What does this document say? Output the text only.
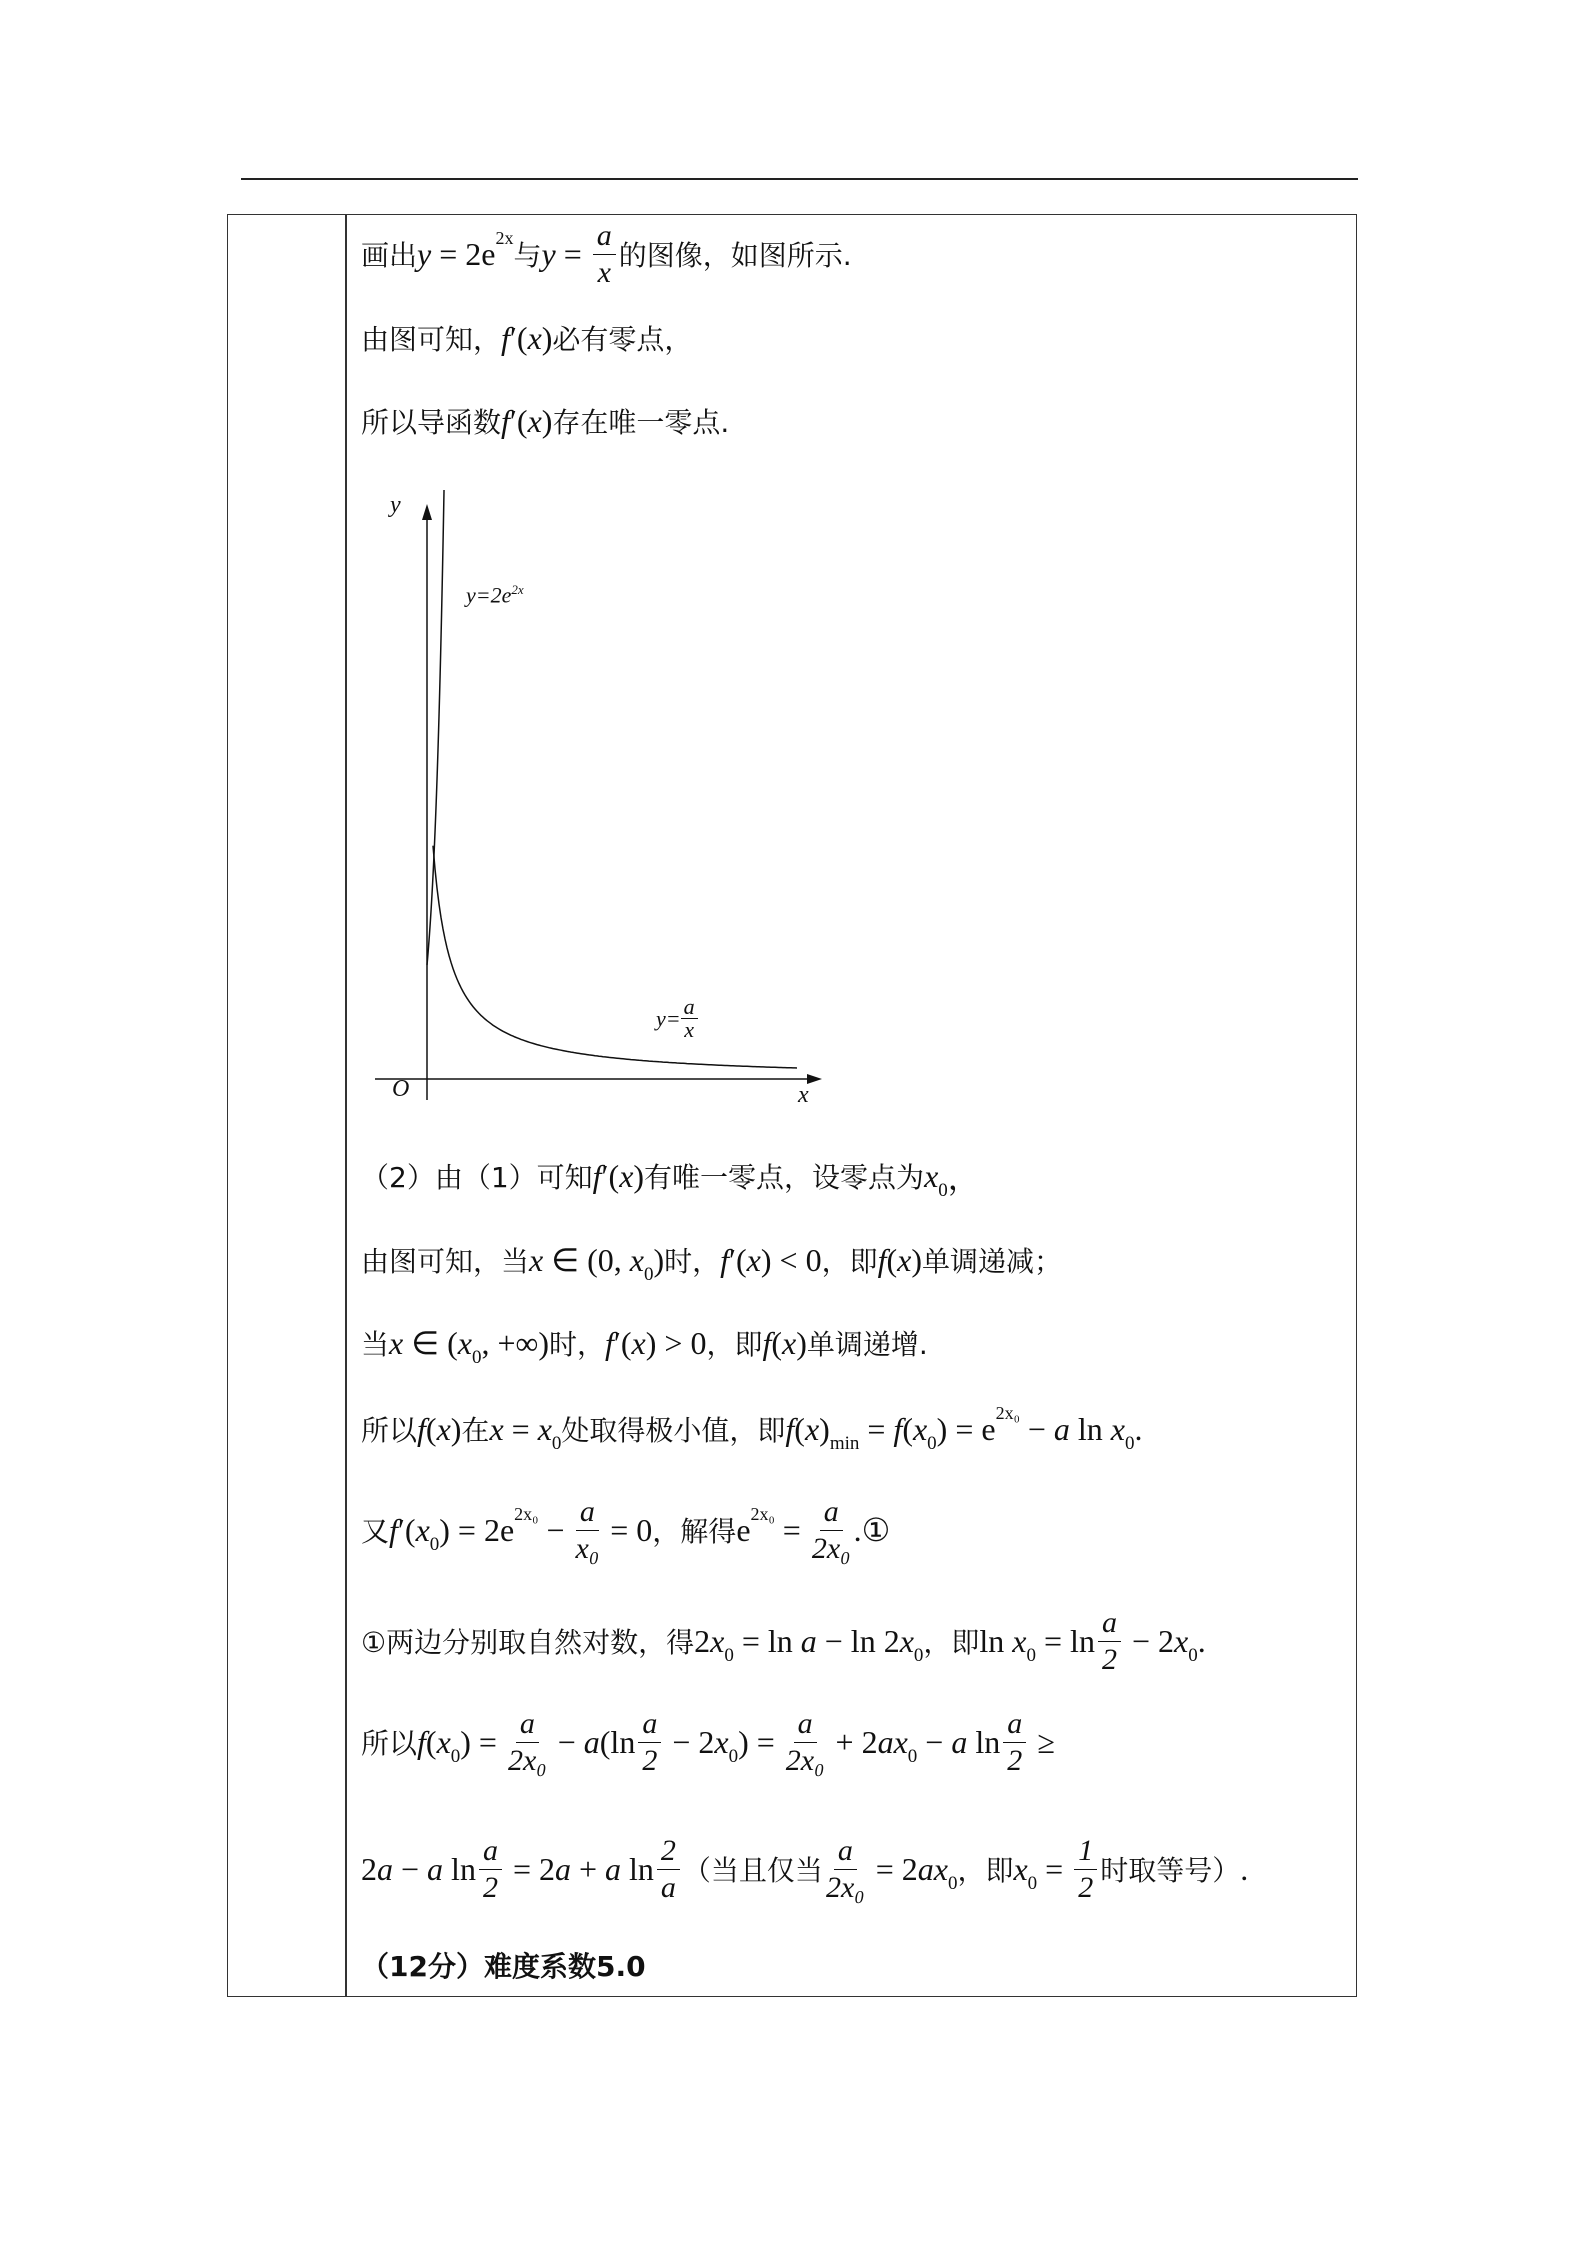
画出 y = 2e 2x
与 $y = \frac{a}{x}$ 的图像，如图所示.
由图可知， f ′( x ) 必有零点，
所以导函数 f ′( x ) 存在唯一零点.
（2）由（1）可知 f ′( x ) 有唯一零点，设零点为 x 0 ，
由图可知，当 x ∈ (0, x 0 ) 时， f ′( x ) < 0 ，即 f ( x ) 单调递减；
当 x ∈ ( x 0 , +∞) 时， f ′( x ) > 0 ，即 f ( x ) 单调递增.
所以 f ( x ) 在 x = x 0 处取得极小值，即 f ( x ) min = f ( x 0 ) = e 2x₀ − a ln x 0 .
又 f ′( x 0 ) = 2e $2x_0 - \frac{a}{\text{x₀}} = 0$ ，解得 e $2x_0 = \frac{a}{\text{2x₀}}$ .①
①两边分别取自然对数，得 2 x 0 = ln a − ln 2 x 0 ，即 ln x $0 = \ln \frac{a}{2} - 2$ x 0 .
所以 f ( x 0 ) = $\frac{a}{\text{2x₀}} - a$ ($\ln \frac{a}{2} - 2$ x 0 ) = $\frac{a}{\text{2x₀}} + 2$ ax 0 − a $\ln \frac{a}{2}$ ≥
2 a − a $\ln \frac{a}{2} = 2$ a + a $\ln \frac{2}{a}$ （当且仅当 $\frac{a}{\text{2x₀}} = 2$ ax 0 ，即 x $0 = \frac{1}{2}$ 时取等号） .
（12分）难度系数5.0
y
x
O
$y=2e^{2x}$
$y= \frac{a}{x}$
